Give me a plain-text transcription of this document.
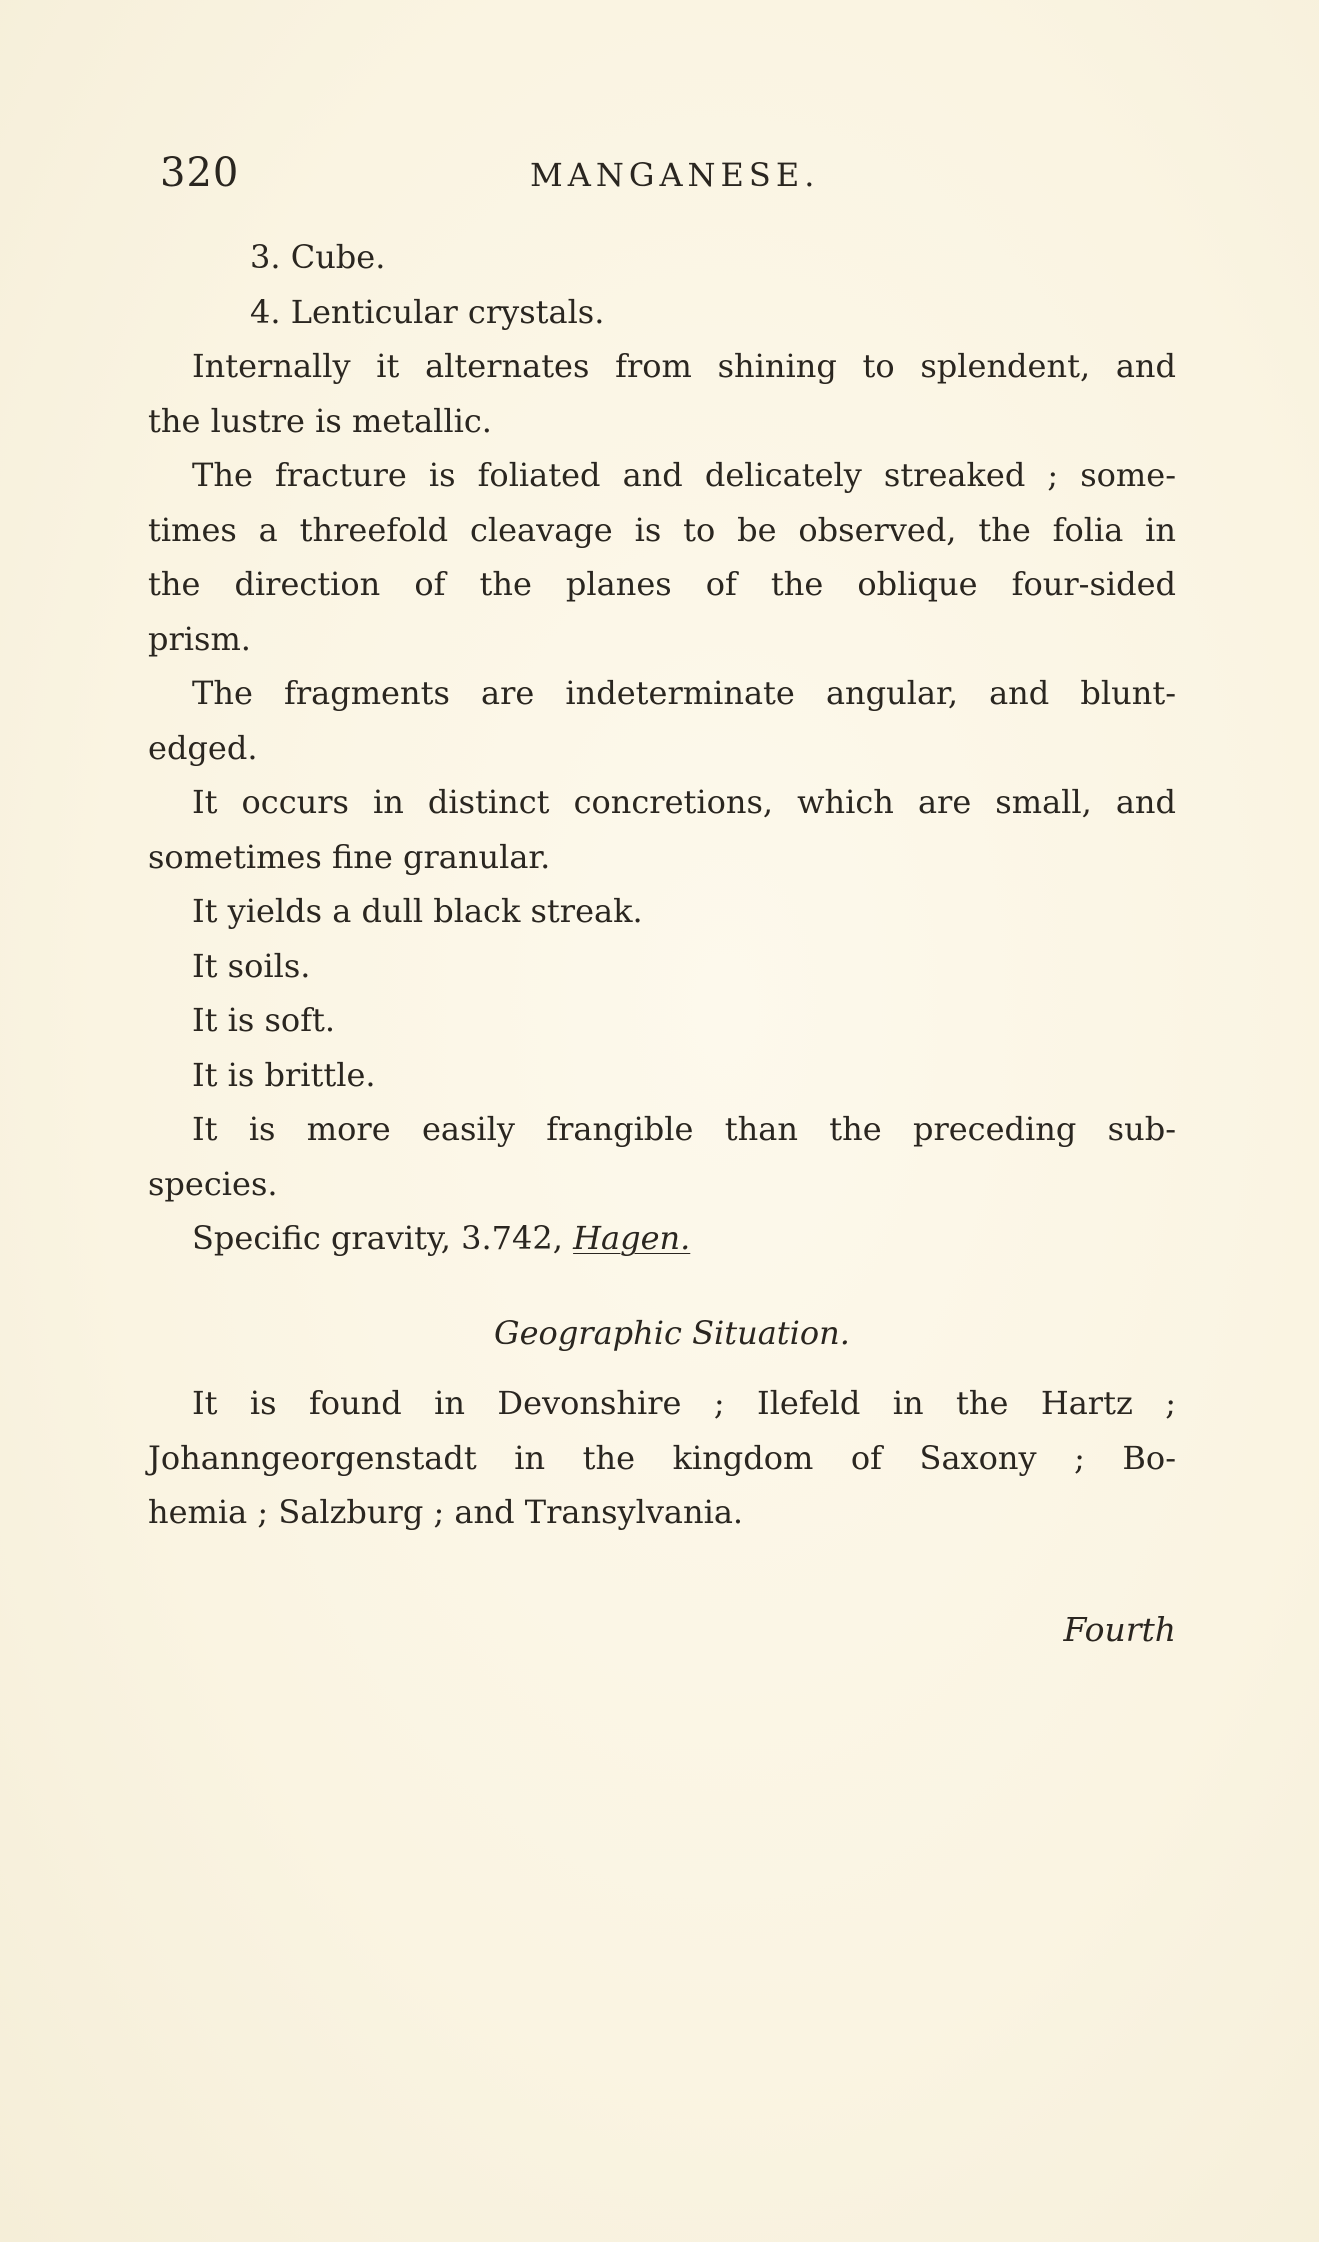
320	MANGANESE.
3. Cube.
4. Lenticular crystals.
Internally it alternates from shining to splendent, and
the lustre is metallic.
The fracture is foliated and delicately streaked ; some-
times a threefold cleavage is to be observed, the folia in
the direction of the planes of the oblique four-sided
prism.
The fragments are indeterminate angular, and blunt-
edged.
It occurs in distinct concretions, which are small, and
sometimes fine granular.
It yields a dull black streak.
It soils.
It is soft.
It is brittle.
It is more easily frangible than the preceding sub-
species.
Specific gravity, 3.742, Hagen.
Geographic Situation.
It is found in Devonshire ; Ilefeld in the Hartz ;
Johanngeorgenstadt in the kingdom of Saxony ; Bo-
hemia ; Salzburg ; and Transylvania.
Fourth
